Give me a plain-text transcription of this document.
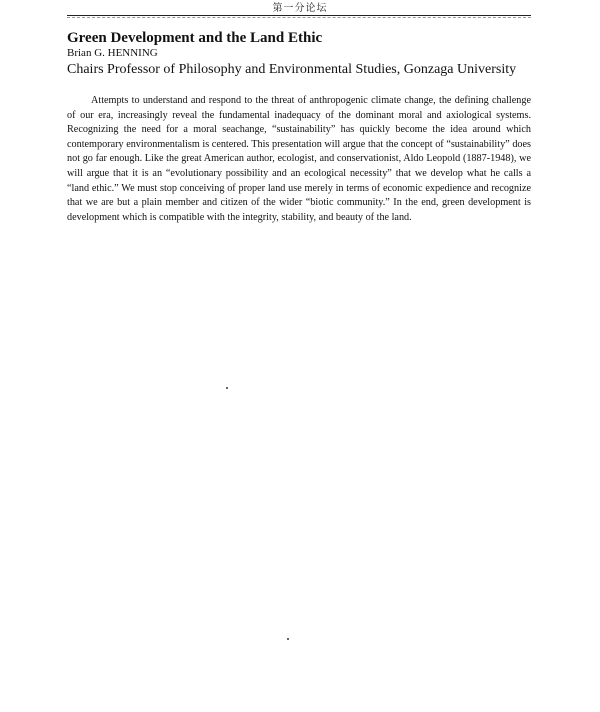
第一分论坛
Green Development and the Land Ethic

Brian G. HENNING

Chairs Professor of Philosophy and Environmental Studies, Gonzaga University

Attempts to understand and respond to the threat of anthropogenic climate change, the defining challenge of our era, increasingly reveal the fundamental inadequacy of the dominant moral and axiological systems. Recognizing the need for a moral seachange, “sustainability” has quickly become the idea around which contemporary environmentalism is centered. This presentation will argue that the concept of “sustainability” does not go far enough. Like the great American author, ecologist, and conservationist, Aldo Leopold (1887-1948), we will argue that it is an “evolutionary possibility and an ecological necessity” that we develop what he calls a “land ethic.” We must stop conceiving of proper land use merely in terms of economic expedience and recognize that we are but a plain member and citizen of the wider “biotic community.” In the end, green development is development which is compatible with the integrity, stability, and beauty of the land.
